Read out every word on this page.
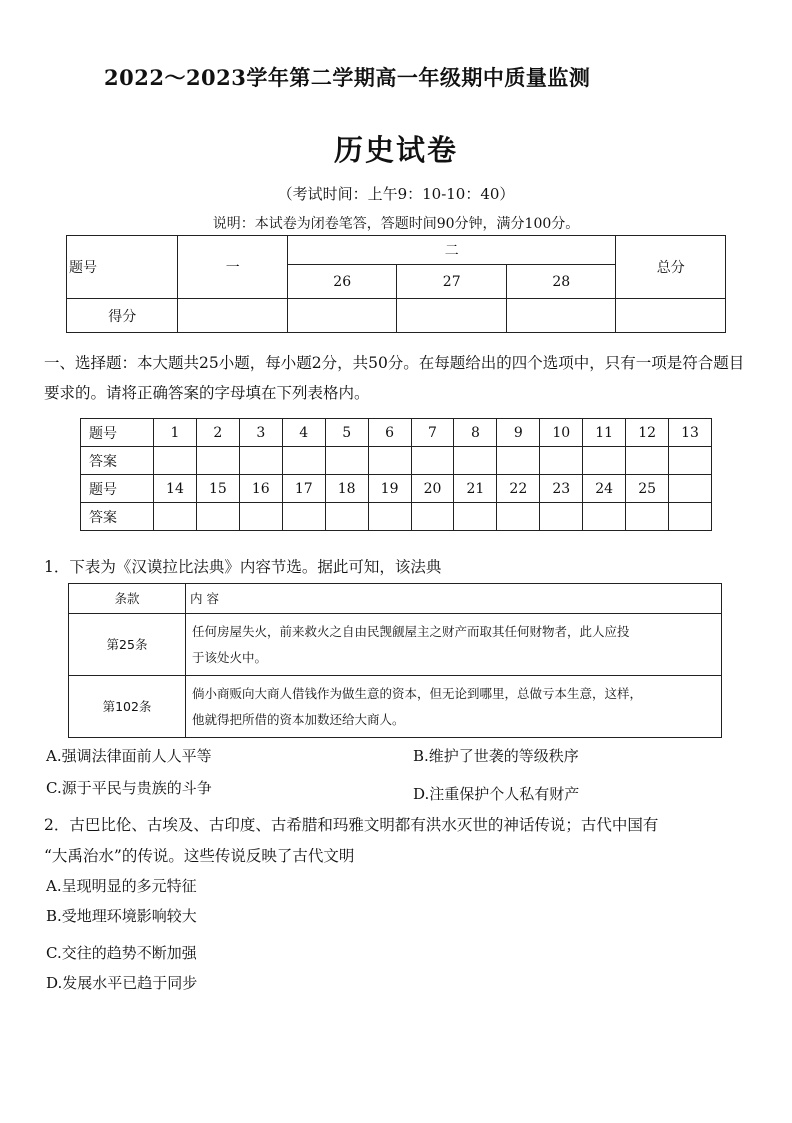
2022～2023学年第二学期高一年级期中质量监测
历史试卷
（考试时间：上午9：10-10：40）
说明：本试卷为闭卷笔答，答题时间90分钟，满分100分。
题号	一	二			总分
		26	27	28	
得分					
一、选择题：本大题共25小题，每小题2分，共50分。在每题给出的四个选项中，只有一项是符合题目要求的。请将正确答案的字母填在下列表格内。
题号	1	2	3	4	5	6	7	8	9	10	11	12	13
答案													
题号	14	15	16	17	18	19	20	21	22	23	24	25	
答案													
1．下表为《汉谟拉比法典》内容节选。据此可知，该法典
条款	内 容
第25条	任何房屋失火，前来救火之自由民觊觎屋主之财产而取其任何财物者，此人应投
于该处火中。

第102条	倘小商贩向大商人借钱作为做生意的资本，但无论到哪里，总做亏本生意，这样，
他就得把所借的资本加数还给大商人。
A.强调法律面前人人平等	B.维护了世袭的等级秩序
C.源于平民与贵族的斗争	D.注重保护个人私有财产
2．古巴比伦、古埃及、古印度、古希腊和玛雅文明都有洪水灭世的神话传说；古代中国有
“大禹治水”的传说。这些传说反映了古代文明
A.呈现明显的多元特征
B.受地理环境影响较大
C.交往的趋势不断加强
D.发展水平已趋于同步
